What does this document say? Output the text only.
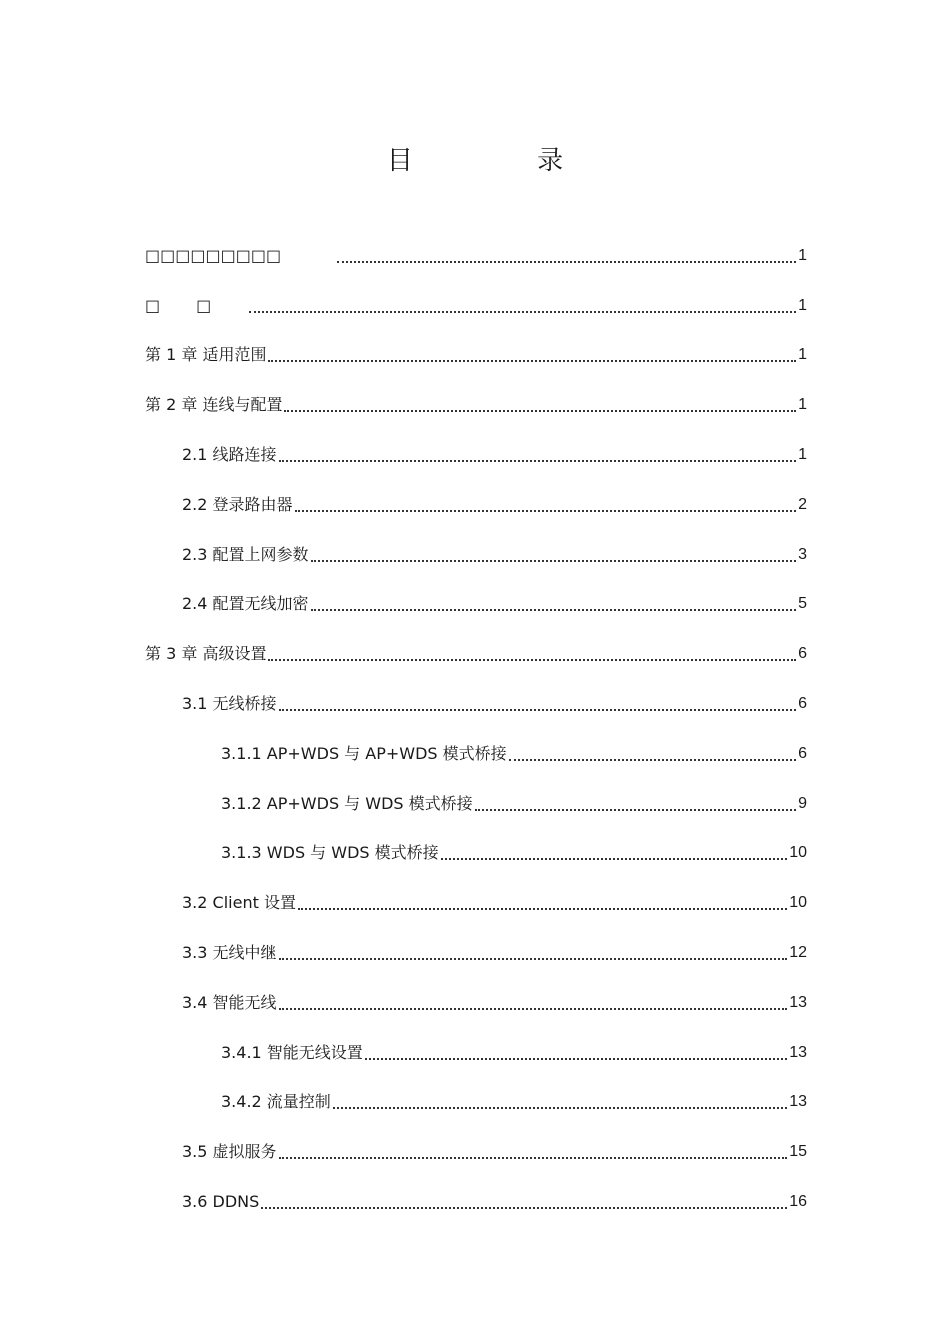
目 录
□□□□□□□□□	1
□□	1
第 1 章 适用范围	1
第 2 章 连线与配置	1
2.1 线路连接	1
2.2 登录路由器	2
2.3 配置上网参数	3
2.4 配置无线加密	5
第 3 章 高级设置	6
3.1 无线桥接	6
3.1.1 AP+WDS 与 AP+WDS 模式桥接	6
3.1.2 AP+WDS 与 WDS 模式桥接	9
3.1.3 WDS 与 WDS 模式桥接	10
3.2 Client 设置	10
3.3 无线中继	12
3.4 智能无线	13
3.4.1 智能无线设置	13
3.4.2 流量控制	13
3.5 虚拟服务	15
3.6 DDNS	16
